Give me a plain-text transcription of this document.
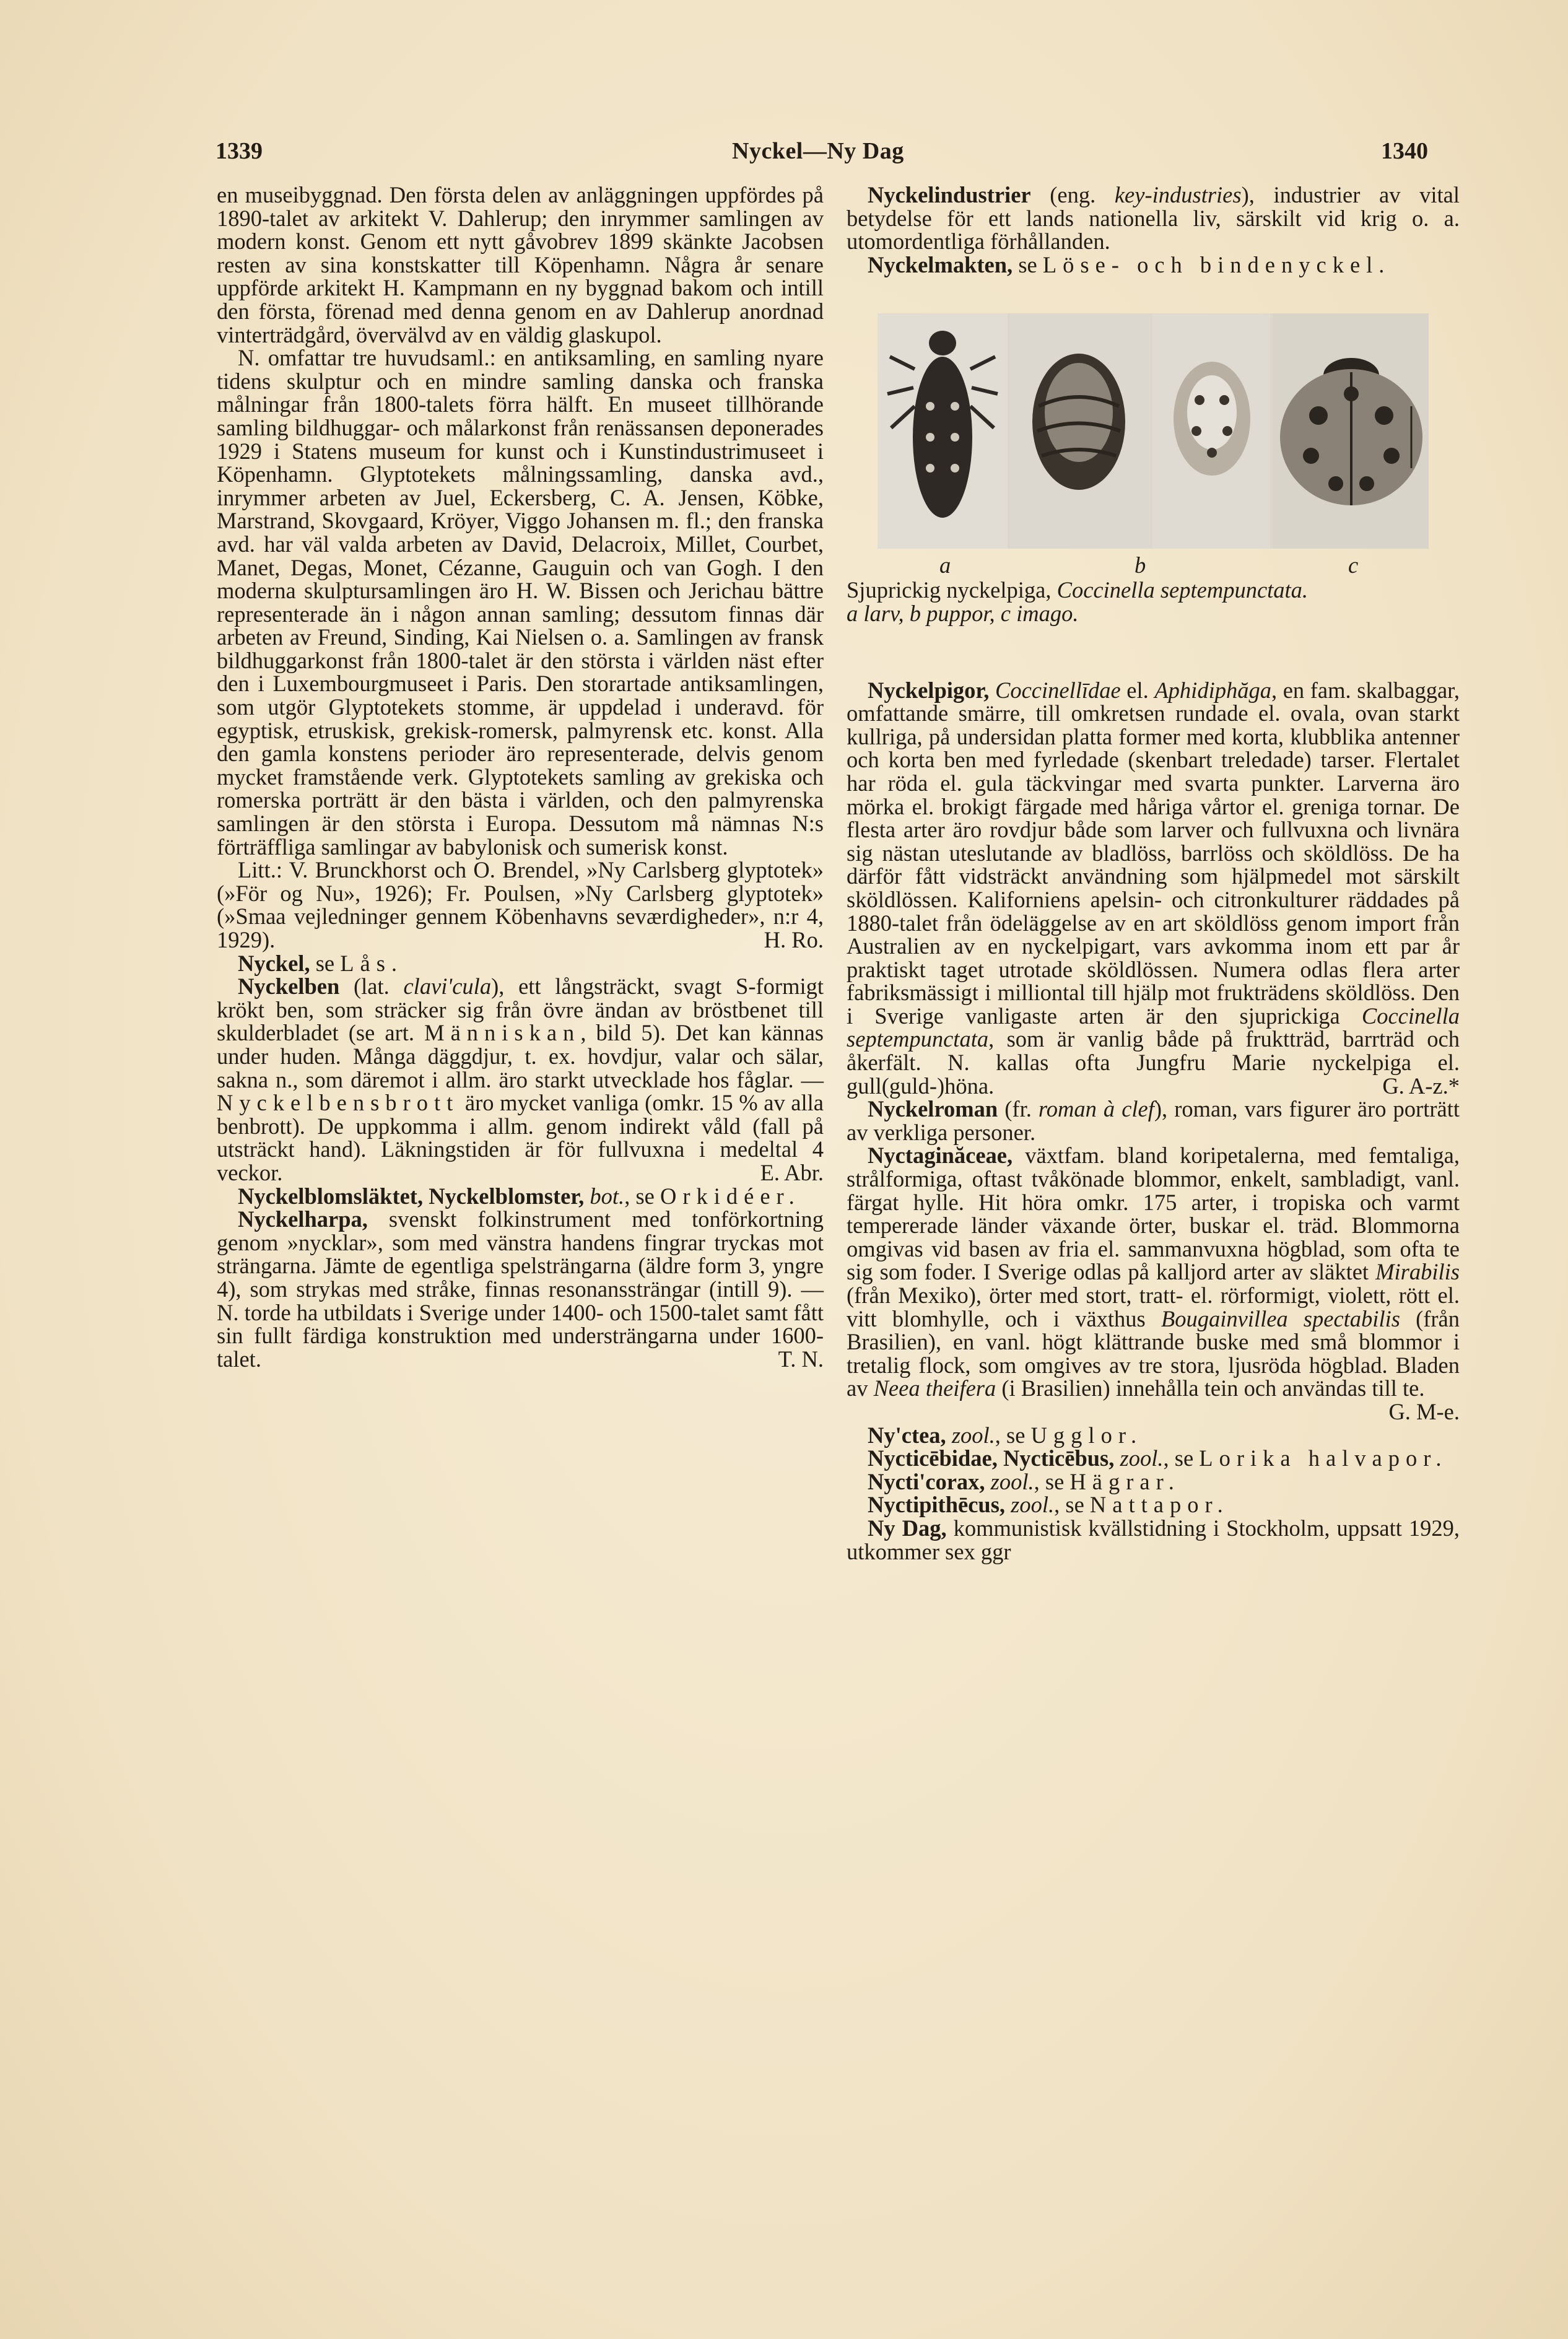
1339	Nyckel—Ny Dag	1340

en museibyggnad. Den första delen av anläggningen uppfördes på 1890-talet av arkitekt V. Dahlerup; den inrymmer samlingen av modern konst. Genom ett nytt gåvobrev 1899 skänkte Jacobsen resten av sina konstskatter till Köpenhamn. Några år senare uppförde arkitekt H. Kampmann en ny byggnad bakom och intill den första, förenad med denna genom en av Dahlerup anordnad vinterträdgård, övervälvd av en väldig glaskupol.

N. omfattar tre huvudsaml.: en antiksamling, en samling nyare tidens skulptur och en mindre samling danska och franska målningar från 1800-talets förra hälft. En museet tillhörande samling bildhuggar- och målarkonst från renässansen deponerades 1929 i Statens museum for kunst och i Kunstindustrimuseet i Köpenhamn. Glyptotekets målningssamling, danska avd., inrymmer arbeten av Juel, Eckersberg, C. A. Jensen, Köbke, Marstrand, Skovgaard, Kröyer, Viggo Johansen m. fl.; den franska avd. har väl valda arbeten av David, Delacroix, Millet, Courbet, Manet, Degas, Monet, Cézanne, Gauguin och van Gogh. I den moderna skulptursamlingen äro H. W. Bissen och Jerichau bättre representerade än i någon annan samling; dessutom finnas där arbeten av Freund, Sinding, Kai Nielsen o. a. Samlingen av fransk bildhuggarkonst från 1800-talet är den största i världen näst efter den i Luxembourgmuseet i Paris. Den storartade antiksamlingen, som utgör Glyptotekets stomme, är uppdelad i underavd. för egyptisk, etruskisk, grekisk-romersk, palmyrensk etc. konst. Alla den gamla konstens perioder äro representerade, delvis genom mycket framstående verk. Glyptotekets samling av grekiska och romerska porträtt är den bästa i världen, och den palmyrenska samlingen är den största i Europa. Dessutom må nämnas N:s förträffliga samlingar av babylonisk och sumerisk konst.

Litt.: V. Brunckhorst och O. Brendel, »Ny Carlsberg glyptotek» (»För og Nu», 1926); Fr. Poulsen, »Ny Carlsberg glyptotek» (»Smaa vejledninger gennem Köbenhavns seværdigheder», n:r 4, 1929).	H. Ro.

Nyckel, se Lås.

Nyckelben (lat. clavi'cula), ett långsträckt, svagt S-formigt krökt ben, som sträcker sig från övre ändan av bröstbenet till skulderbladet (se art. Människan, bild 5). Det kan kännas under huden. Många däggdjur, t. ex. hovdjur, valar och sälar, sakna n., som däremot i allm. äro starkt utvecklade hos fåglar. — Nyckelbensbrott äro mycket vanliga (omkr. 15 % av alla benbrott). De uppkomma i allm. genom indirekt våld (fall på utsträckt hand). Läkningstiden är för fullvuxna i medeltal 4 veckor.	E. Abr.

Nyckelblomsläktet, Nyckelblomster, bot., se Orkidéer.

Nyckelharpa, svenskt folkinstrument med tonförkortning genom »nycklar», som med vänstra handens fingrar tryckas mot strängarna. Jämte de egentliga spelsträngarna (äldre form 3, yngre 4), som strykas med stråke, finnas resonanssträngar (intill 9). — N. torde ha utbildats i Sverige under 1400- och 1500-talet samt fått sin fullt färdiga konstruktion med understrängarna under 1600-talet.	T. N.

Nyckelindustrier (eng. key-industries), industrier av vital betydelse för ett lands nationella liv, särskilt vid krig o. a. utomordentliga förhållanden.

Nyckelmakten, se Löse- och bindenyckel.

a	b	c

Sjuprickig nyckelpiga, Coccinella septempunctata.

a larv, b puppor, c imago.

Nyckelpigor, Coccinellīdae el. Aphidiphăga, en fam. skalbaggar, omfattande smärre, till omkretsen rundade el. ovala, ovan starkt kullriga, på undersidan platta former med korta, klubblika antenner och korta ben med fyrledade (skenbart treledade) tarser. Flertalet har röda el. gula täckvingar med svarta punkter. Larverna äro mörka el. brokigt färgade med håriga vårtor el. greniga tornar. De flesta arter äro rovdjur både som larver och fullvuxna och livnära sig nästan uteslutande av bladlöss, barrlöss och sköldlöss. De ha därför fått vidsträckt användning som hjälpmedel mot särskilt sköldlössen. Kaliforniens apelsin- och citronkulturer räddades på 1880-talet från ödeläggelse av en art sköldlöss genom import från Australien av en nyckelpigart, vars avkomma inom ett par år praktiskt taget utrotade sköldlössen. Numera odlas flera arter fabriksmässigt i milliontal till hjälp mot frukträdens sköldlöss. Den i Sverige vanligaste arten är den sjuprickiga Coccinella septempunctata, som är vanlig både på fruktträd, barrträd och åkerfält. N. kallas ofta Jungfru Marie nyckelpiga el. gull(guld-)höna.	G. A-z.*

Nyckelroman (fr. roman à clef), roman, vars figurer äro porträtt av verkliga personer.

Nyctaginăceae, växtfam. bland koripetalerna, med femtaliga, strålformiga, oftast tvåkönade blommor, enkelt, sambladigt, vanl. färgat hylle. Hit höra omkr. 175 arter, i tropiska och varmt tempererade länder växande örter, buskar el. träd. Blommorna omgivas vid basen av fria el. sammanvuxna högblad, som ofta te sig som foder. I Sverige odlas på kalljord arter av släktet Mirabilis (från Mexiko), örter med stort, tratt- el. rörformigt, violett, rött el. vitt blomhylle, och i växthus Bougainvillea spectabilis (från Brasilien), en vanl. högt klättrande buske med små blommor i tretalig flock, som omgives av tre stora, ljusröda högblad. Bladen av Neea theifera (i Brasilien) innehålla tein och användas till te.
G. M-e.

Ny'ctea, zool., se Ugglor.

Nycticēbidae, Nycticēbus, zool., se Lorika halvapor.

Nycti'corax, zool., se Hägrar.

Nyctipithēcus, zool., se Nattapor.

Ny Dag, kommunistisk kvällstidning i Stockholm, uppsatt 1929, utkommer sex ggr
